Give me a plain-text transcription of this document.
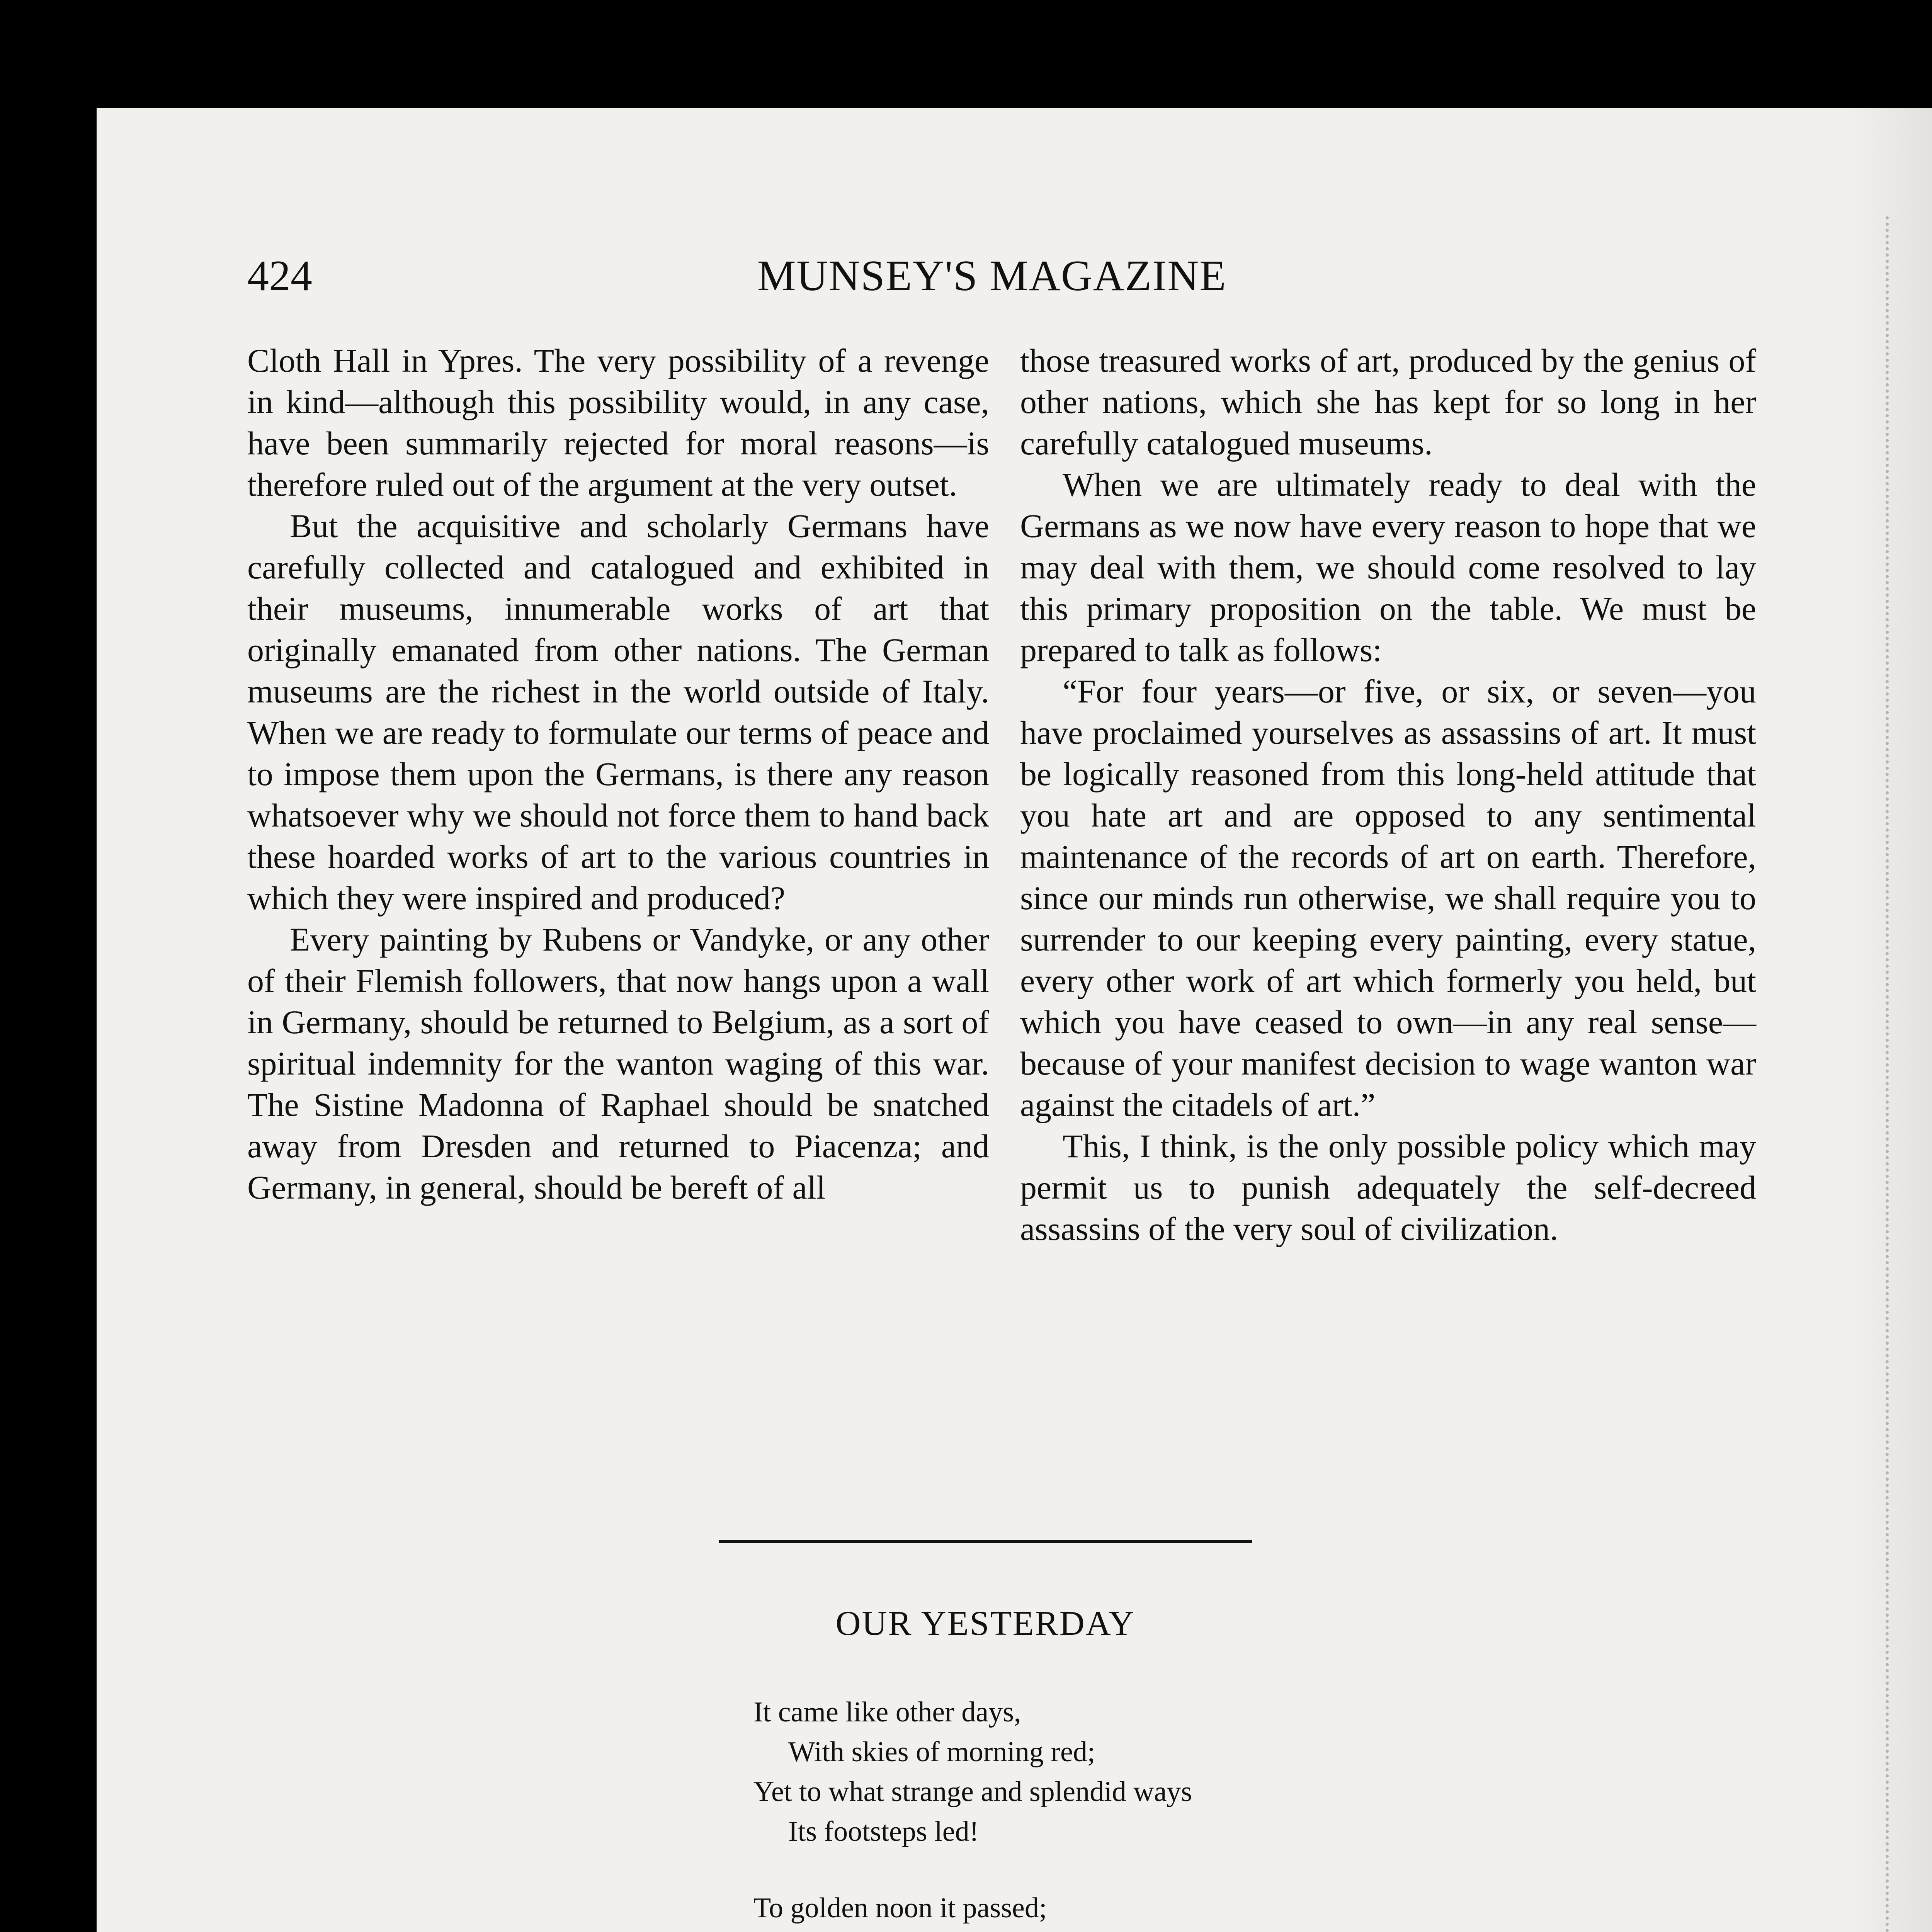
424	MUNSEY'S MAGAZINE

Cloth Hall in Ypres. The very possibility of a revenge in kind—although this possibility would, in any case, have been summarily rejected for moral reasons—is therefore ruled out of the argument at the very outset.

But the acquisitive and scholarly Germans have carefully collected and catalogued and exhibited in their museums, innumerable works of art that originally emanated from other nations. The German museums are the richest in the world outside of Italy. When we are ready to formulate our terms of peace and to impose them upon the Germans, is there any reason whatsoever why we should not force them to hand back these hoarded works of art to the various countries in which they were inspired and produced?

Every painting by Rubens or Vandyke, or any other of their Flemish followers, that now hangs upon a wall in Germany, should be returned to Belgium, as a sort of spiritual indemnity for the wanton waging of this war. The Sistine Madonna of Raphael should be snatched away from Dresden and returned to Piacenza; and Germany, in general, should be bereft of all

those treasured works of art, produced by the genius of other nations, which she has kept for so long in her carefully catalogued museums.

When we are ultimately ready to deal with the Germans as we now have every reason to hope that we may deal with them, we should come resolved to lay this primary proposition on the table. We must be prepared to talk as follows:

“For four years—or five, or six, or seven—you have proclaimed yourselves as assassins of art. It must be logically reasoned from this long-held attitude that you hate art and are opposed to any sentimental maintenance of the records of art on earth. Therefore, since our minds run otherwise, we shall require you to surrender to our keeping every painting, every statue, every other work of art which formerly you held, but which you have ceased to own—in any real sense—because of your manifest decision to wage wanton war against the citadels of art.”

This, I think, is the only possible policy which may permit us to punish adequately the self-decreed assassins of the very soul of civilization.

OUR YESTERDAY

It came like other days,
With skies of morning red;
Yet to what strange and splendid ways
Its footsteps led!
To golden noon it passed;
